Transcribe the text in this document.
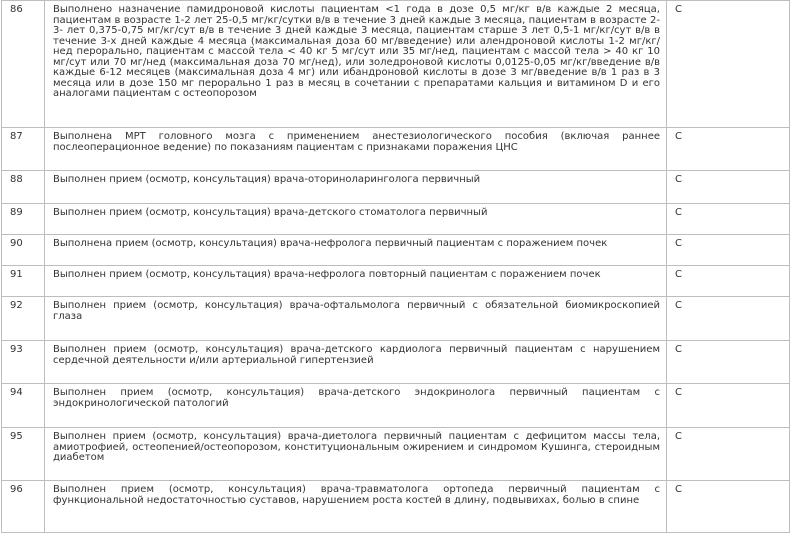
86	Выполнено назначение памидроновой кислоты пациентам <1 года в дозе 0,5 мг/кг в/в каждые 2 месяца, пациентам в возрасте 1-2 лет 25-0,5 мг/кг/сутки в/в в течение 3 дней каждые 3 месяца, пациентам в возрасте 2-3- лет 0,375-0,75 мг/кг/сут в/в в течение 3 дней каждые 3 месяца, пациентам старше 3 лет 0,5-1 мг/кг/сут в/в в течение 3-х дней каждые 4 месяца (максимальная доза 60 мг/введение) или алендроновой кислоты 1-2 мг/кг/нед перорально, пациентам с массой тела < 40 кг 5 мг/сут или 35 мг/нед, пациентам с массой тела > 40 кг 10 мг/сут или 70 мг/нед (максимальная доза 70 мг/нед), или золедроновой кислоты 0,0125-0,05 мг/кг/введение в/в каждые 6-12 месяцев (максимальная доза 4 мг) или ибандроновой кислоты в дозе 3 мг/введение в/в 1 раз в 3 месяца или в дозе 150 мг перорально 1 раз в месяц в сочетании с препаратами кальция и витамином D и его аналогами пациентам с остеопорозом	С
87	Выполнена МРТ головного мозга с применением анестезиологического пособия (включая раннее послеоперационное ведение) по показаниям пациентам с признаками поражения ЦНС	С
88	Выполнен прием (осмотр, консультация) врача-оториноларинголога первичный	С
89	Выполнен прием (осмотр, консультация) врача-детского стоматолога первичный	С
90	Выполнена прием (осмотр, консультация) врача-нефролога первичный пациентам с поражением почек	С
91	Выполнен прием (осмотр, консультация) врача-нефролога повторный пациентам с поражением почек	С
92	Выполнен прием (осмотр, консультация) врача-офтальмолога первичный с обязательной биомикроскопией глаза	С
93	Выполнен прием (осмотр, консультация) врача-детского кардиолога первичный пациентам с нарушением сердечной деятельности и/или артериальной гипертензией	С
94	Выполнен прием (осмотр, консультация) врача-детского эндокринолога первичный пациентам с эндокринологической патологий	С
95	Выполнен прием (осмотр, консультация) врача-диетолога первичный пациентам с дефицитом массы тела, амиотрофией, остеопенией/остеопорозом, конституциональным ожирением и синдромом Кушинга, стероидным диабетом	С
96	Выполнен прием (осмотр, консультация) врача-травматолога ортопеда первичный пациентам с функциональной недостаточностью суставов, нарушением роста костей в длину, подвывихах, болью в спине	С
